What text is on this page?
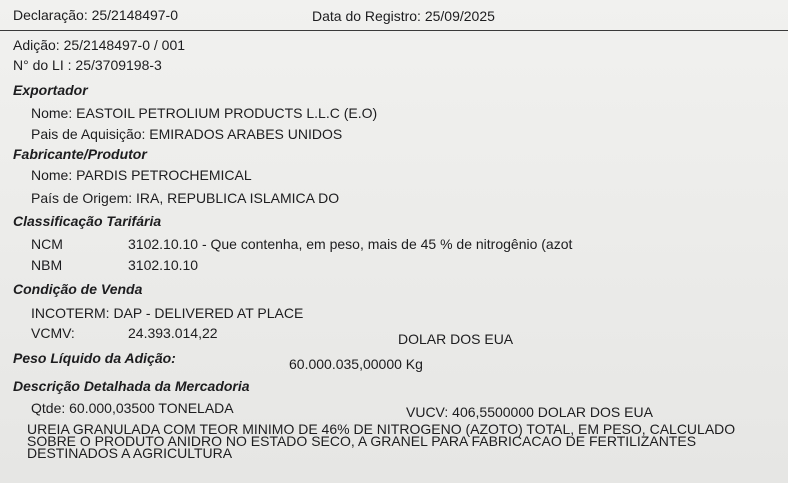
Declaração: 25/2148497-0	Data do Registro: 25/09/2025
Adição: 25/2148497-0 / 001
N° do LI : 25/3709198-3
Exportador
Nome: EASTOIL PETROLIUM PRODUCTS L.L.C (E.O)
Pais de Aquisição: EMIRADOS ARABES UNIDOS
Fabricante/Produtor
Nome: PARDIS PETROCHEMICAL
País de Origem: IRA, REPUBLICA ISLAMICA DO
Classificação Tarifária
NCM	3102.10.10 - Que contenha, em peso, mais de 45 % de nitrogênio (azot
NBM	3102.10.10
Condição de Venda
INCOTERM: DAP - DELIVERED AT PLACE
VCMV:	24.393.014,22	DOLAR DOS EUA
Peso Líquido da Adição:	60.000.035,00000 Kg
Descrição Detalhada da Mercadoria
Qtde: 60.000,03500 TONELADA	VUCV: 406,5500000 DOLAR DOS EUA
UREIA GRANULADA COM TEOR MINIMO DE 46% DE NITROGENO (AZOTO) TOTAL, EM PESO, CALCULADO
SOBRE O PRODUTO ANIDRO NO ESTADO SECO, A GRANEL PARA FABRICACAO DE FERTILIZANTES
DESTINADOS A AGRICULTURA
